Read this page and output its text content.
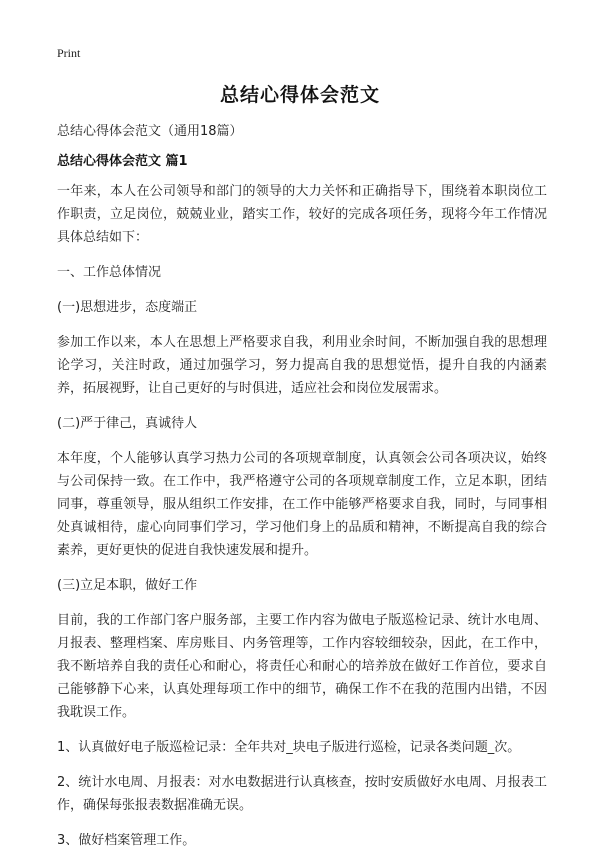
Print
总结心得体会范文
总结心得体会范文（通用18篇）
总结心得体会范文 篇1

一年来，本人在公司领导和部门的领导的大力关怀和正确指导下，围绕着本职岗位工作职责，立足岗位，兢兢业业，踏实工作，较好的完成各项任务，现将今年工作情况具体总结如下：

一、工作总体情况

(一)思想进步，态度端正

参加工作以来，本人在思想上严格要求自我，利用业余时间，不断加强自我的思想理论学习，关注时政，通过加强学习，努力提高自我的思想觉悟，提升自我的内涵素养，拓展视野，让自己更好的与时俱进，适应社会和岗位发展需求。

(二)严于律己，真诚待人

本年度，个人能够认真学习热力公司的各项规章制度，认真领会公司各项决议，始终与公司保持一致。在工作中，我严格遵守公司的各项规章制度工作，立足本职，团结同事，尊重领导，服从组织工作安排，在工作中能够严格要求自我，同时，与同事相处真诚相待，虚心向同事们学习，学习他们身上的品质和精神，不断提高自我的综合素养，更好更快的促进自我快速发展和提升。

(三)立足本职，做好工作

目前，我的工作部门客户服务部，主要工作内容为做电子版巡检记录、统计水电周、月报表、整理档案、库房账目、内务管理等，工作内容较细较杂，因此，在工作中，我不断培养自我的责任心和耐心，将责任心和耐心的培养放在做好工作首位，要求自己能够静下心来，认真处理每项工作中的细节，确保工作不在我的范围内出错，不因我耽误工作。

1、认真做好电子版巡检记录：全年共对_块电子版进行巡检，记录各类问题_次。

2、统计水电周、月报表：对水电数据进行认真核查，按时安质做好水电周、月报表工作，确保每张报表数据准确无误。

3、做好档案管理工作。
